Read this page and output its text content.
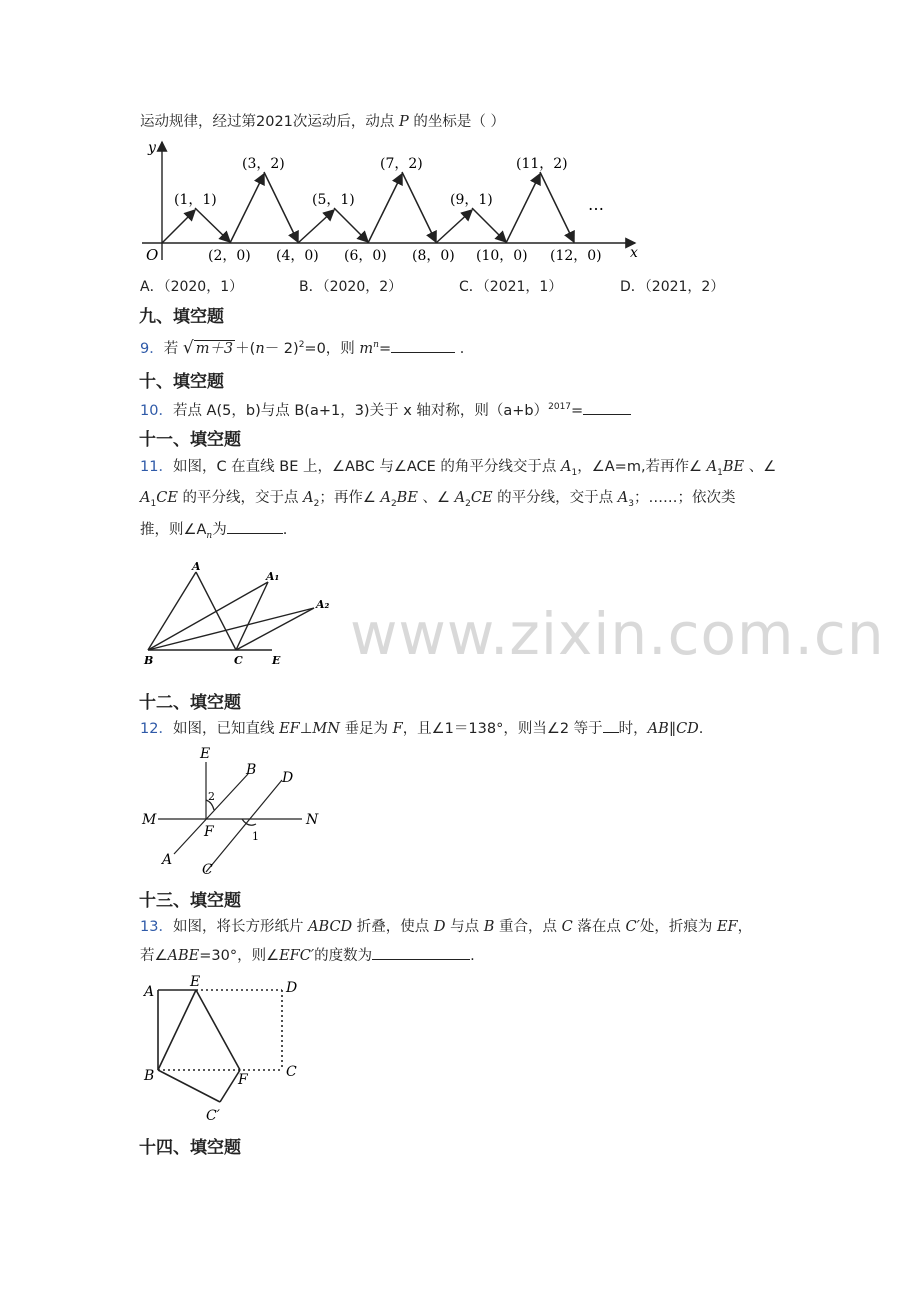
运动规律，经过第2021次运动后，动点 P 的坐标是（ ）
y
x
O
(1，1)
(3，2)
(5，1)
(7，2)
(9，1)
(11，2)
(2，0) (4，0) (6，0) (8，0) (10，0) (12，0)
…
A．（2020，1）	B．（2020，2）	C．（2021，1）	D．（2021，2）
九、填空题
9．若 √ $m+3 +(n- 2)^2=0$，则 $m^n=$	．
十、填空题
10．若点 A(5，b)与点 B(a+1，3)关于 x 轴对称，则$(a+b)^{2017}=$
十一、填空题
11．如图，C 在直线 BE 上，∠ABC 与∠ACE 的角平分线交于点 $A_1$，∠A=m,若再作∠ $A_1BE$ 、∠
$A_1CE$ 的平分线，交于点 $A_2$；再作∠ $A_2BE$ 、∠ $A_2CE$ 的平分线，交于点 $A_3$；……；依次类
推，则$\angle A_n$为	.
A
A₁
A₂
B	C	E www.zixin.com.cn
十二、填空题
12．如图，已知直线 EF⊥MN 垂足为 F，且∠1＝138°，则当∠2 等于 时，AB∥CD.
E
B D
M
F
N
A
C
2
1
十三、填空题
13．如图，将长方形纸片 ABCD 折叠，使点 D 与点 B 重合，点 C 落在点 C′处，折痕为 EF，
若∠ABE=30°，则∠EFC′的度数为	.
A
E	D
B	F	C
C′
十四、填空题
